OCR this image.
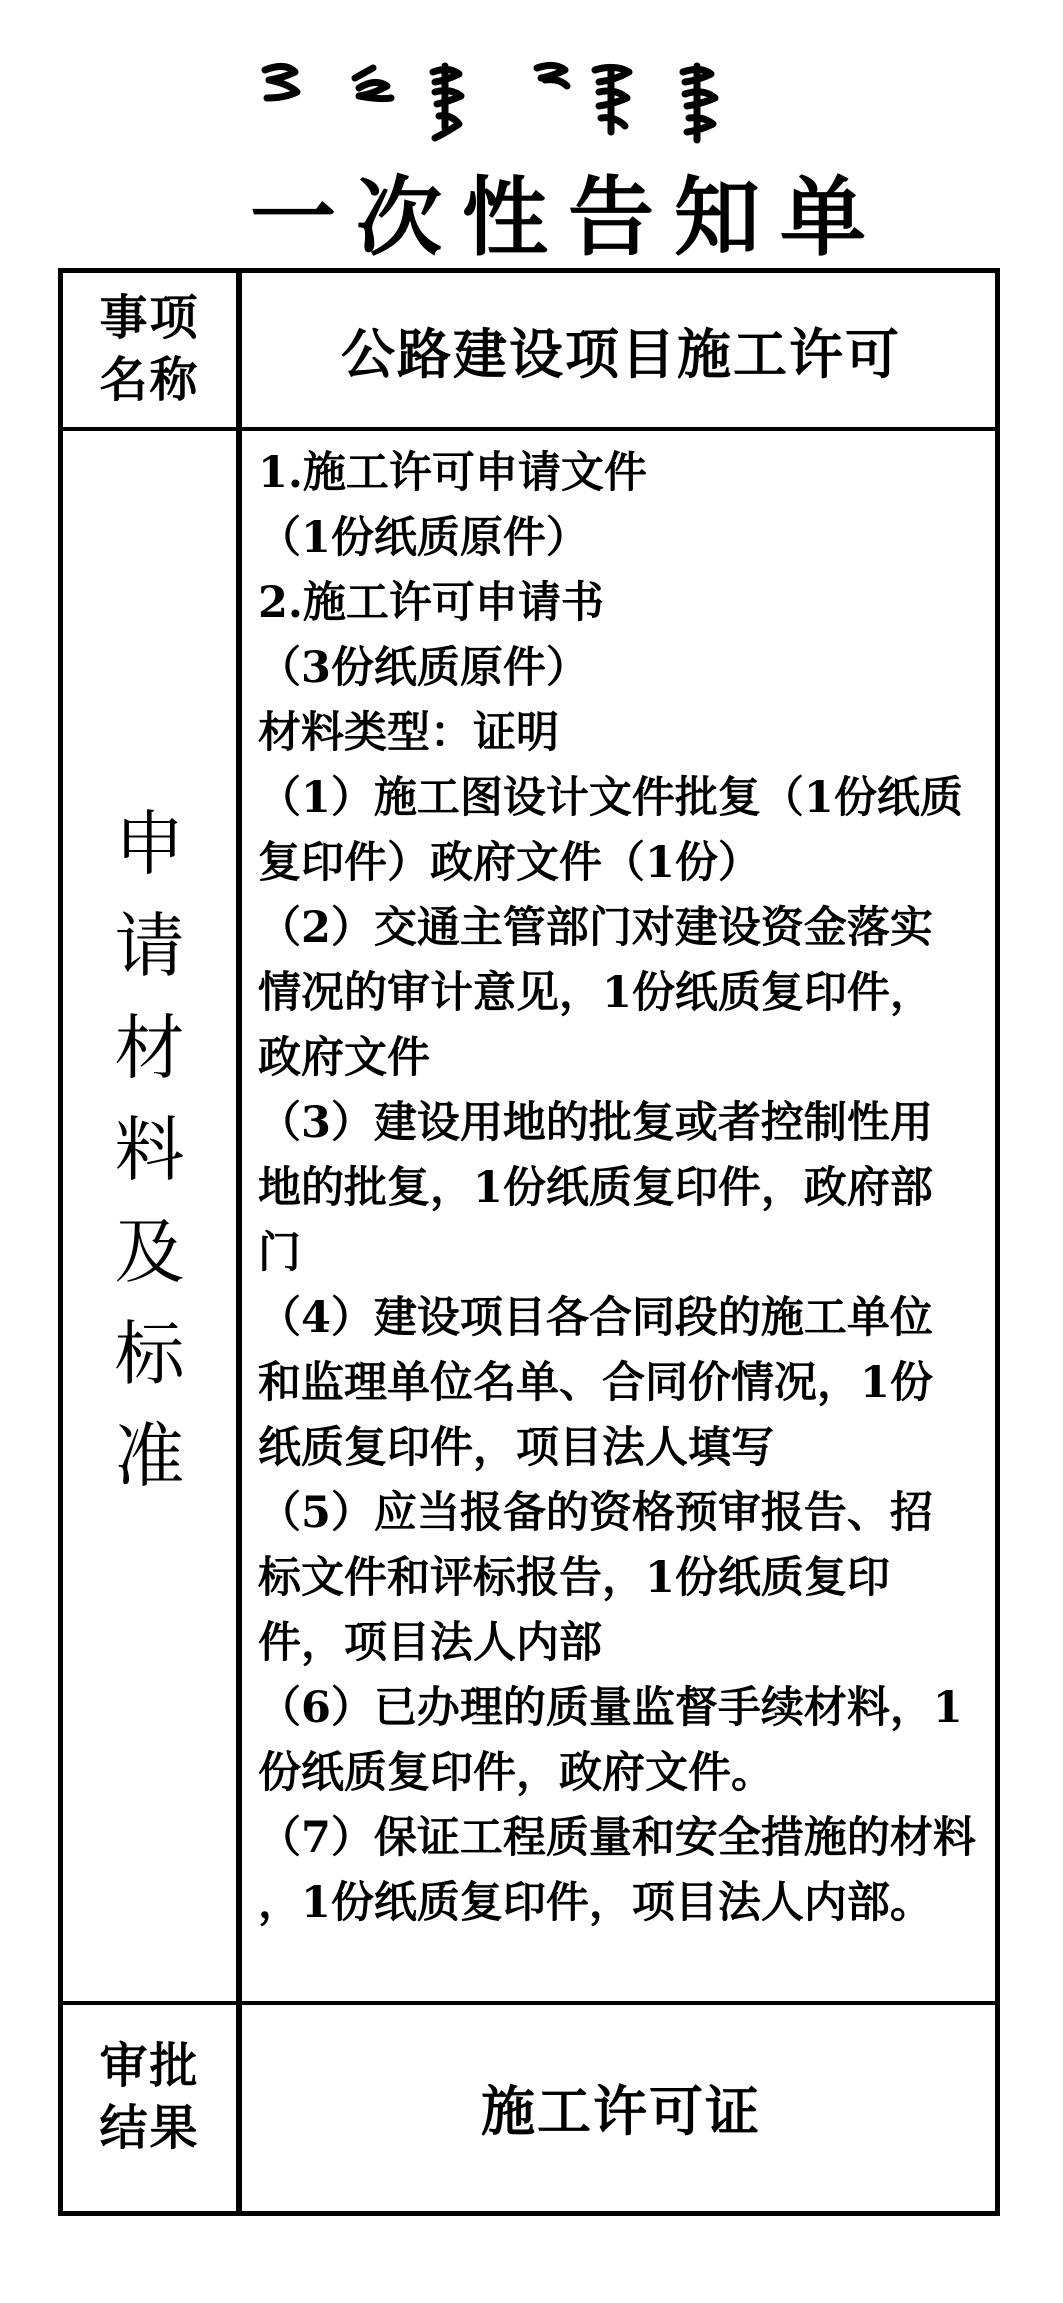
一次性告知单
事项
名称	公路建设项目施工许可
申
请
材
料
及
标
准
1.施工许可申请文件
（1份纸质原件）
2.施工许可申请书
（3份纸质原件）
材料类型：证明
（1）施工图设计文件批复（1份纸质
复印件）政府文件（1份）
（2）交通主管部门对建设资金落实
情况的审计意见，1份纸质复印件，
政府文件
（3）建设用地的批复或者控制性用
地的批复，1份纸质复印件，政府部
门
（4）建设项目各合同段的施工单位
和监理单位名单、合同价情况，1份
纸质复印件，项目法人填写
（5）应当报备的资格预审报告、招
标文件和评标报告，1份纸质复印
件，项目法人内部
（6）已办理的质量监督手续材料，1
份纸质复印件，政府文件。
（7）保证工程质量和安全措施的材料
，1份纸质复印件，项目法人内部。
审批
结果	施工许可证
